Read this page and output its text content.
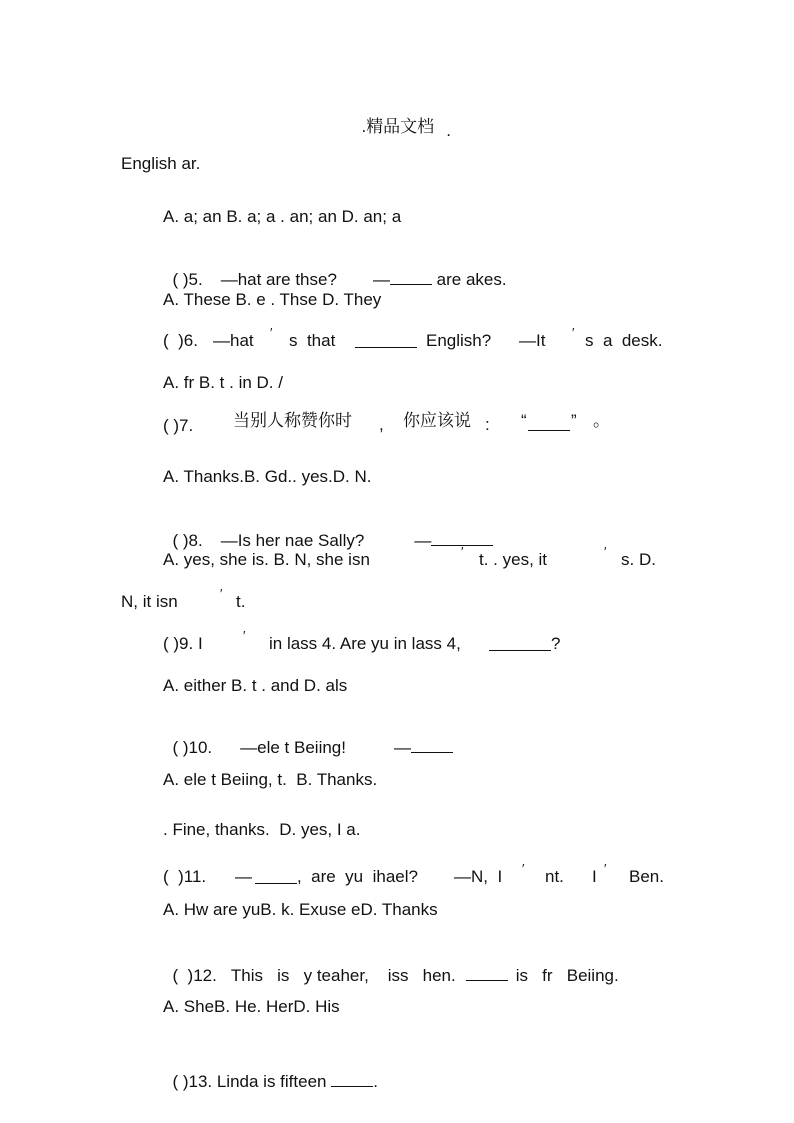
.精品文档 .

English ar.
A. a; an B. a; a . an; an D. an; a

( )5. —hat are thse? — are akes.

A. These B. e . Thse D. They

(  )6.

—hat

′

s  that

	English?

—It

′

s  a  desk.

A. fr B. t . in D. /

( )7.

当别人称赞你时

,

你应该说

:

“

	”

。

A. Thanks.B. Gd.. yes.D. N.

( )8. —Is her nae Sally?	—

A. yes, she is. B. N, she isn

	′

t. . yes, it

	′

s. D.

N, it isn

	′

t.

( )9. I

	′

in lass 4. Are yu in lass 4,

	?

A. either B. t . and D. als

( )10. —ele t Beiing!	—

A. ele t Beiing, t.  B. Thanks.
. Fine, thanks.  D. yes, I a.

(  )11.

—

	,  are  yu  ihael?

—N,  I

′

nt.

I

′

Ben.

A. Hw are yuB. k. Exuse eD. Thanks

(  )12. This   is   y teaher,    iss   hen.	is   fr   Beiing.

A. SheB. He. HerD. His

( )13. Linda is fifteen	.
